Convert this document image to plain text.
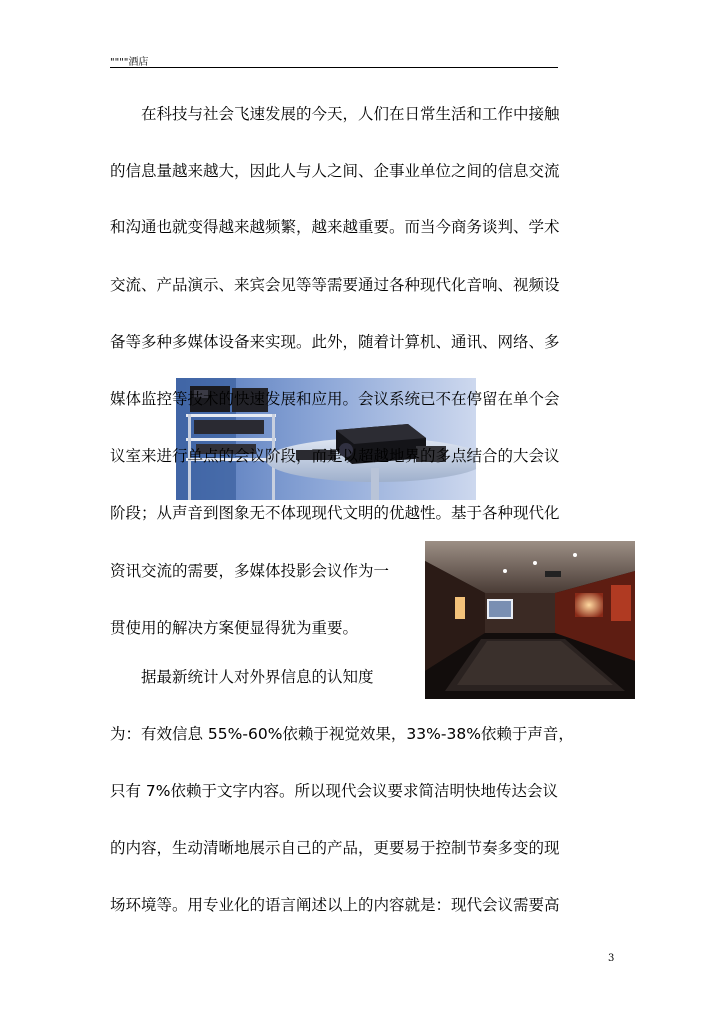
""""酒店
　　在科技与社会飞速发展的今天，人们在日常生活和工作中接触
的信息量越来越大，因此人与人之间、企事业单位之间的信息交流
和沟通也就变得越来越频繁，越来越重要。而当今商务谈判、学术
交流、产品演示、来宾会见等等需要通过各种现代化音响、视频设
备等多种多媒体设备来实现。此外，随着计算机、通讯、网络、多
媒体监控等技术的快速发展和应用。会议系统已不在停留在单个会
议室来进行单点的会议阶段，而是以超越地界的多点结合的大会议
阶段；从声音到图象无不体现现代文明的优越性。基于各种现代化
资讯交流的需要，多媒体投影会议作为一
贯使用的解决方案便显得犹为重要。
　　据最新统计人对外界信息的认知度
为：有效信息 55%-60%依赖于视觉效果，33%-38%依赖于声音，
只有 7%依赖于文字内容。所以现代会议要求简洁明快地传达会议
的内容，生动清晰地展示自己的产品，更要易于控制节奏多变的现
场环境等。用专业化的语言阐述以上的内容就是：现代会议需要高
3
